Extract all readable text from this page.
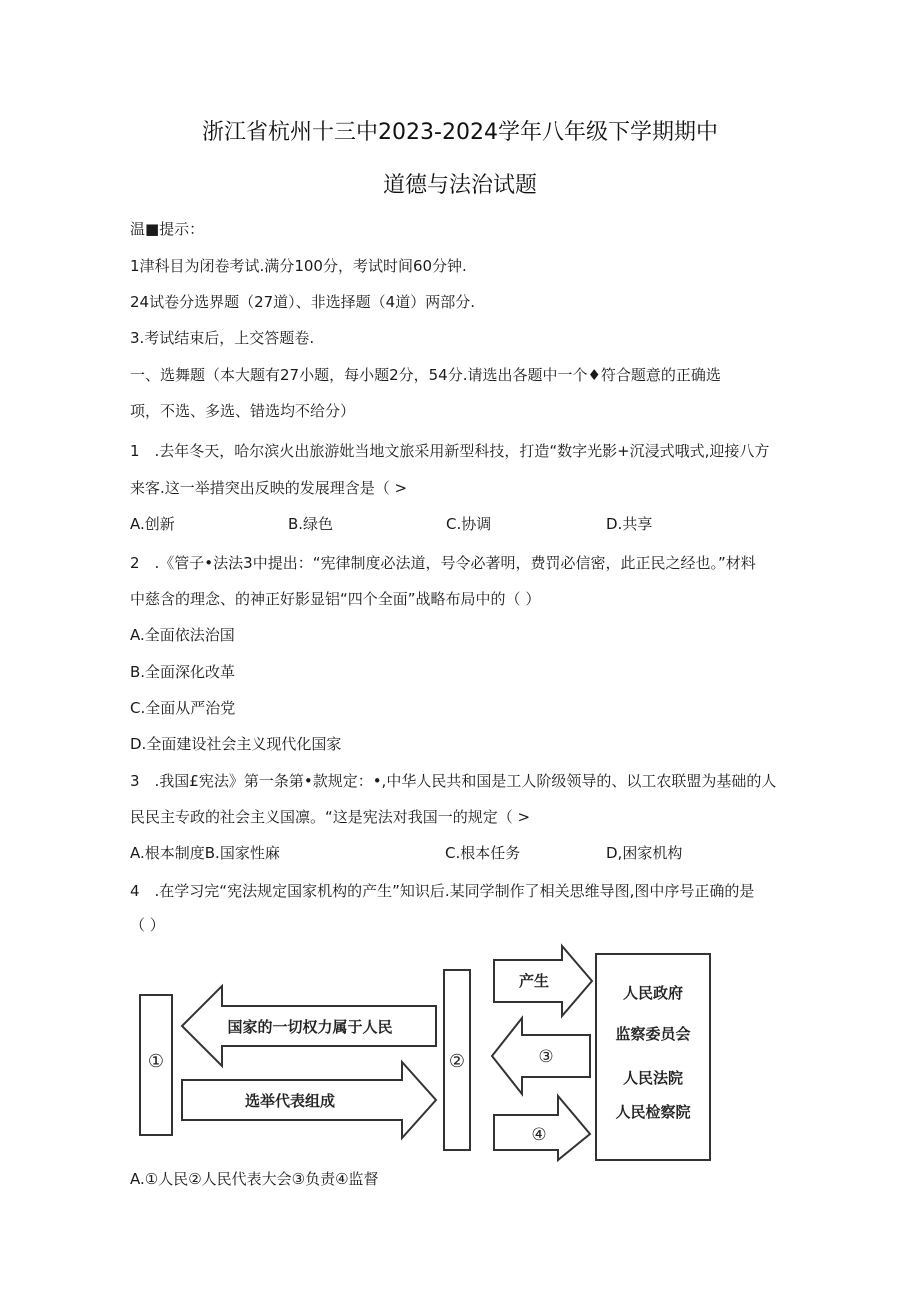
浙江省杭州十三中2023-2024学年八年级下学期期中
道德与法治试题
温■提示：
1津科目为闭卷考试.满分100分，考试时间60分钟.
24试卷分选界题（27道）、非选择题（4道）两部分.
3.考试结束后，上交答题卷.
一、选舞题（本大题有27小题，每小题2分，54分.请选出各题中一个♦符合题意的正确选
项，不选、多选、错选均不给分）
1　.去年冬天，哈尔滨火出旅游妣当地文旅采用新型科技，打造“数字光影+沉浸式哦式,迎接八方
来客.这一举措突出反映的发展理含是（ >
A.创新	B.绿色	C.协调	D.共享
2　.《管子•法法3中提出：“宪律制度必法道，号令必著明，费罚必信密，此正民之经也。”材料
中慈含的理念、的神正好影显铝“四个全面”战略布局中的（ ）
A.全面依法治国
B.全面深化改革
C.全面从严治党
D.全面建设社会主义现代化国家
3　.我国£宪法》第一条第•款规定：•,中华人民共和国是工人阶级领导的、以工农联盟为基础的人
民民主专政的社会主义国凛。“这是宪法对我国一的规定（ >
A.根本制度B.国家性麻	C.根本任务	D,困家机构
4　.在学习完“宪法规定国家机构的产生”知识后.某同学制作了相关思维导图,图中序号正确的是
（ ）
①	②
国家的一切权力属于人民
选举代表组成
产生
③
④
人民政府
监察委员会
人民法院
人民检察院
A.①人民②人民代表大会③负责④监督
